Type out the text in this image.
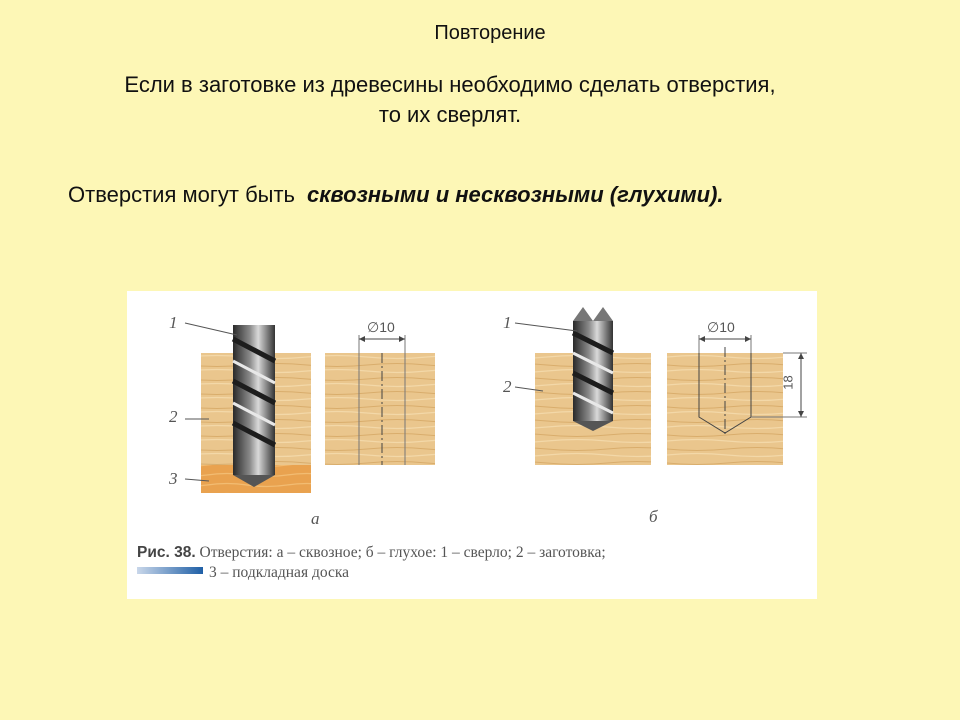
Повторение
Если в заготовке из древесины необходимо сделать отверстия,
то их сверлят.
Отверстия могут быть сквозными и несквозными (глухими).
1
2
3
∅10	1
2
∅10
18
а	б
Рис. 38. Отверстия: а – сквозное; б – глухое: 1 – сверло; 2 – заготовка;
3 – подкладная доска
